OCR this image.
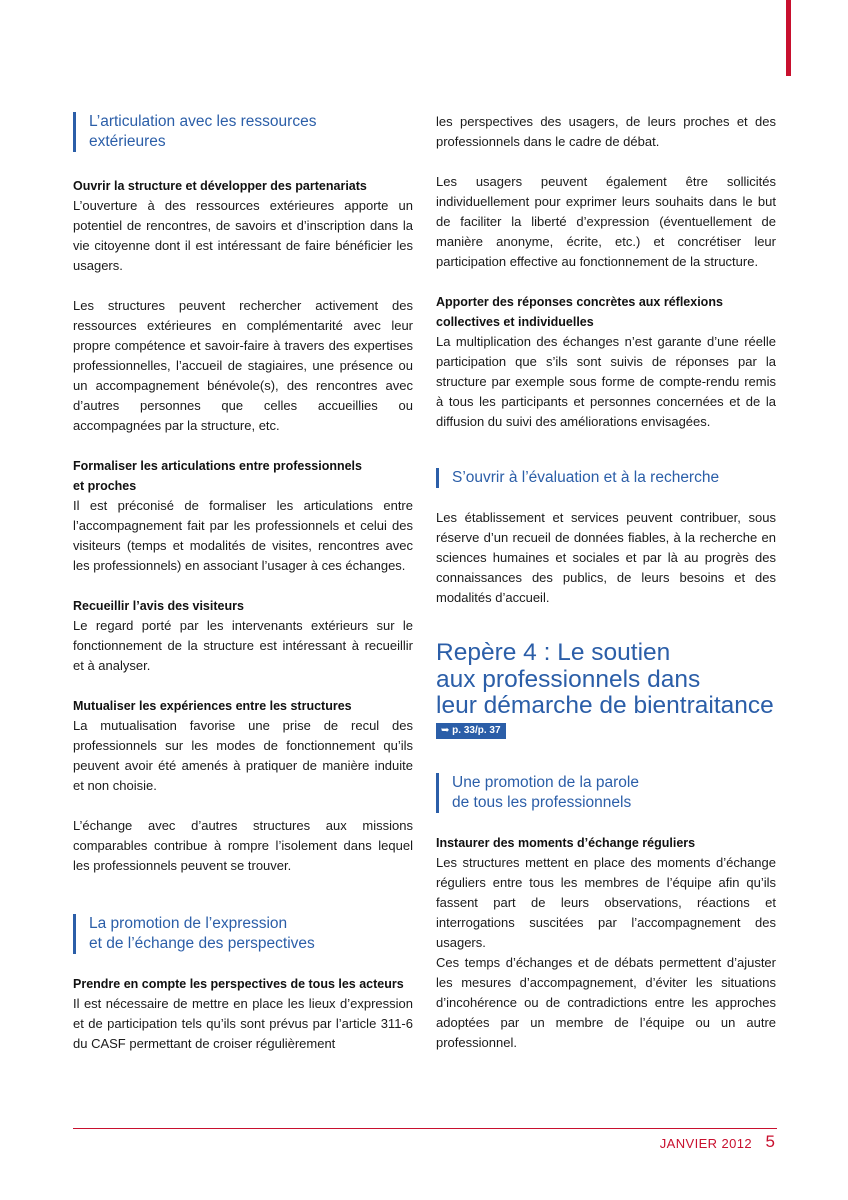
L’articulation avec les ressources
extérieures

Ouvrir la structure et développer des partenariats

L’ouverture à des ressources extérieures apporte un potentiel de rencontres, de savoirs et d’inscription dans la vie citoyenne dont il est intéressant de faire bénéficier les usagers.

Les structures peuvent rechercher activement des ressources extérieures en complémentarité avec leur propre compétence et savoir-faire à travers des expertises professionnelles, l’accueil de stagiaires, une présence ou un accompagnement bénévole(s), des rencontres avec d’autres personnes que celles accueillies ou accompagnées par la structure, etc.

Formaliser les articulations entre professionnels
et proches

Il est préconisé de formaliser les articulations entre l’accompagnement fait par les professionnels et celui des visiteurs (temps et modalités de visites, rencontres avec les professionnels) en associant l’usager à ces échanges.

Recueillir l’avis des visiteurs

Le regard porté par les intervenants extérieurs sur le fonctionnement de la structure est intéressant à recueillir et à analyser.

Mutualiser les expériences entre les structures

La mutualisation favorise une prise de recul des professionnels sur les modes de fonctionnement qu’ils peuvent avoir été amenés à pratiquer de manière induite et non choisie.

L’échange avec d’autres structures aux missions comparables contribue à rompre l’isolement dans lequel les professionnels peuvent se trouver.

La promotion de l’expression
et de l’échange des perspectives

Prendre en compte les perspectives de tous les acteurs

Il est nécessaire de mettre en place les lieux d’expression et de participation tels qu’ils sont prévus par l’article 311-6 du CASF permettant de croiser régulièrement

les perspectives des usagers, de leurs proches et des professionnels dans le cadre de débat.

Les usagers peuvent également être sollicités individuellement pour exprimer leurs souhaits dans le but de faciliter la liberté d’expression (éventuellement de manière anonyme, écrite, etc.) et concrétiser leur participation effective au fonctionnement de la structure.

Apporter des réponses concrètes aux réflexions
collectives et individuelles

La multiplication des échanges n’est garante d’une réelle participation que s’ils sont suivis de réponses par la structure par exemple sous forme de compte-rendu remis à tous les participants et personnes concernées et de la diffusion du suivi des améliorations envisagées.

S’ouvrir à l’évaluation et à la recherche

Les établissement et services peuvent contribuer, sous réserve d’un recueil de données fiables, à la recherche en sciences humaines et sociales et par là au progrès des connaissances des publics, de leurs besoins et des modalités d’accueil.

Repère 4 : Le soutien
aux professionnels dans
leur démarche de bientraitance
➥ p. 33/p. 37
Une promotion de la parole
de tous les professionnels

Instaurer des moments d’échange réguliers

Les structures mettent en place des moments d’échange réguliers entre tous les membres de l’équipe afin qu’ils fassent part de leurs observations, réactions et interrogations suscitées par l’accompagnement des usagers.

Ces temps d’échanges et de débats permettent d’ajuster les mesures d’accompagnement, d’éviter les situations d’incohérence ou de contradictions entre les approches adoptées par un membre de l’équipe ou un autre professionnel.

JANVIER 2012 5
